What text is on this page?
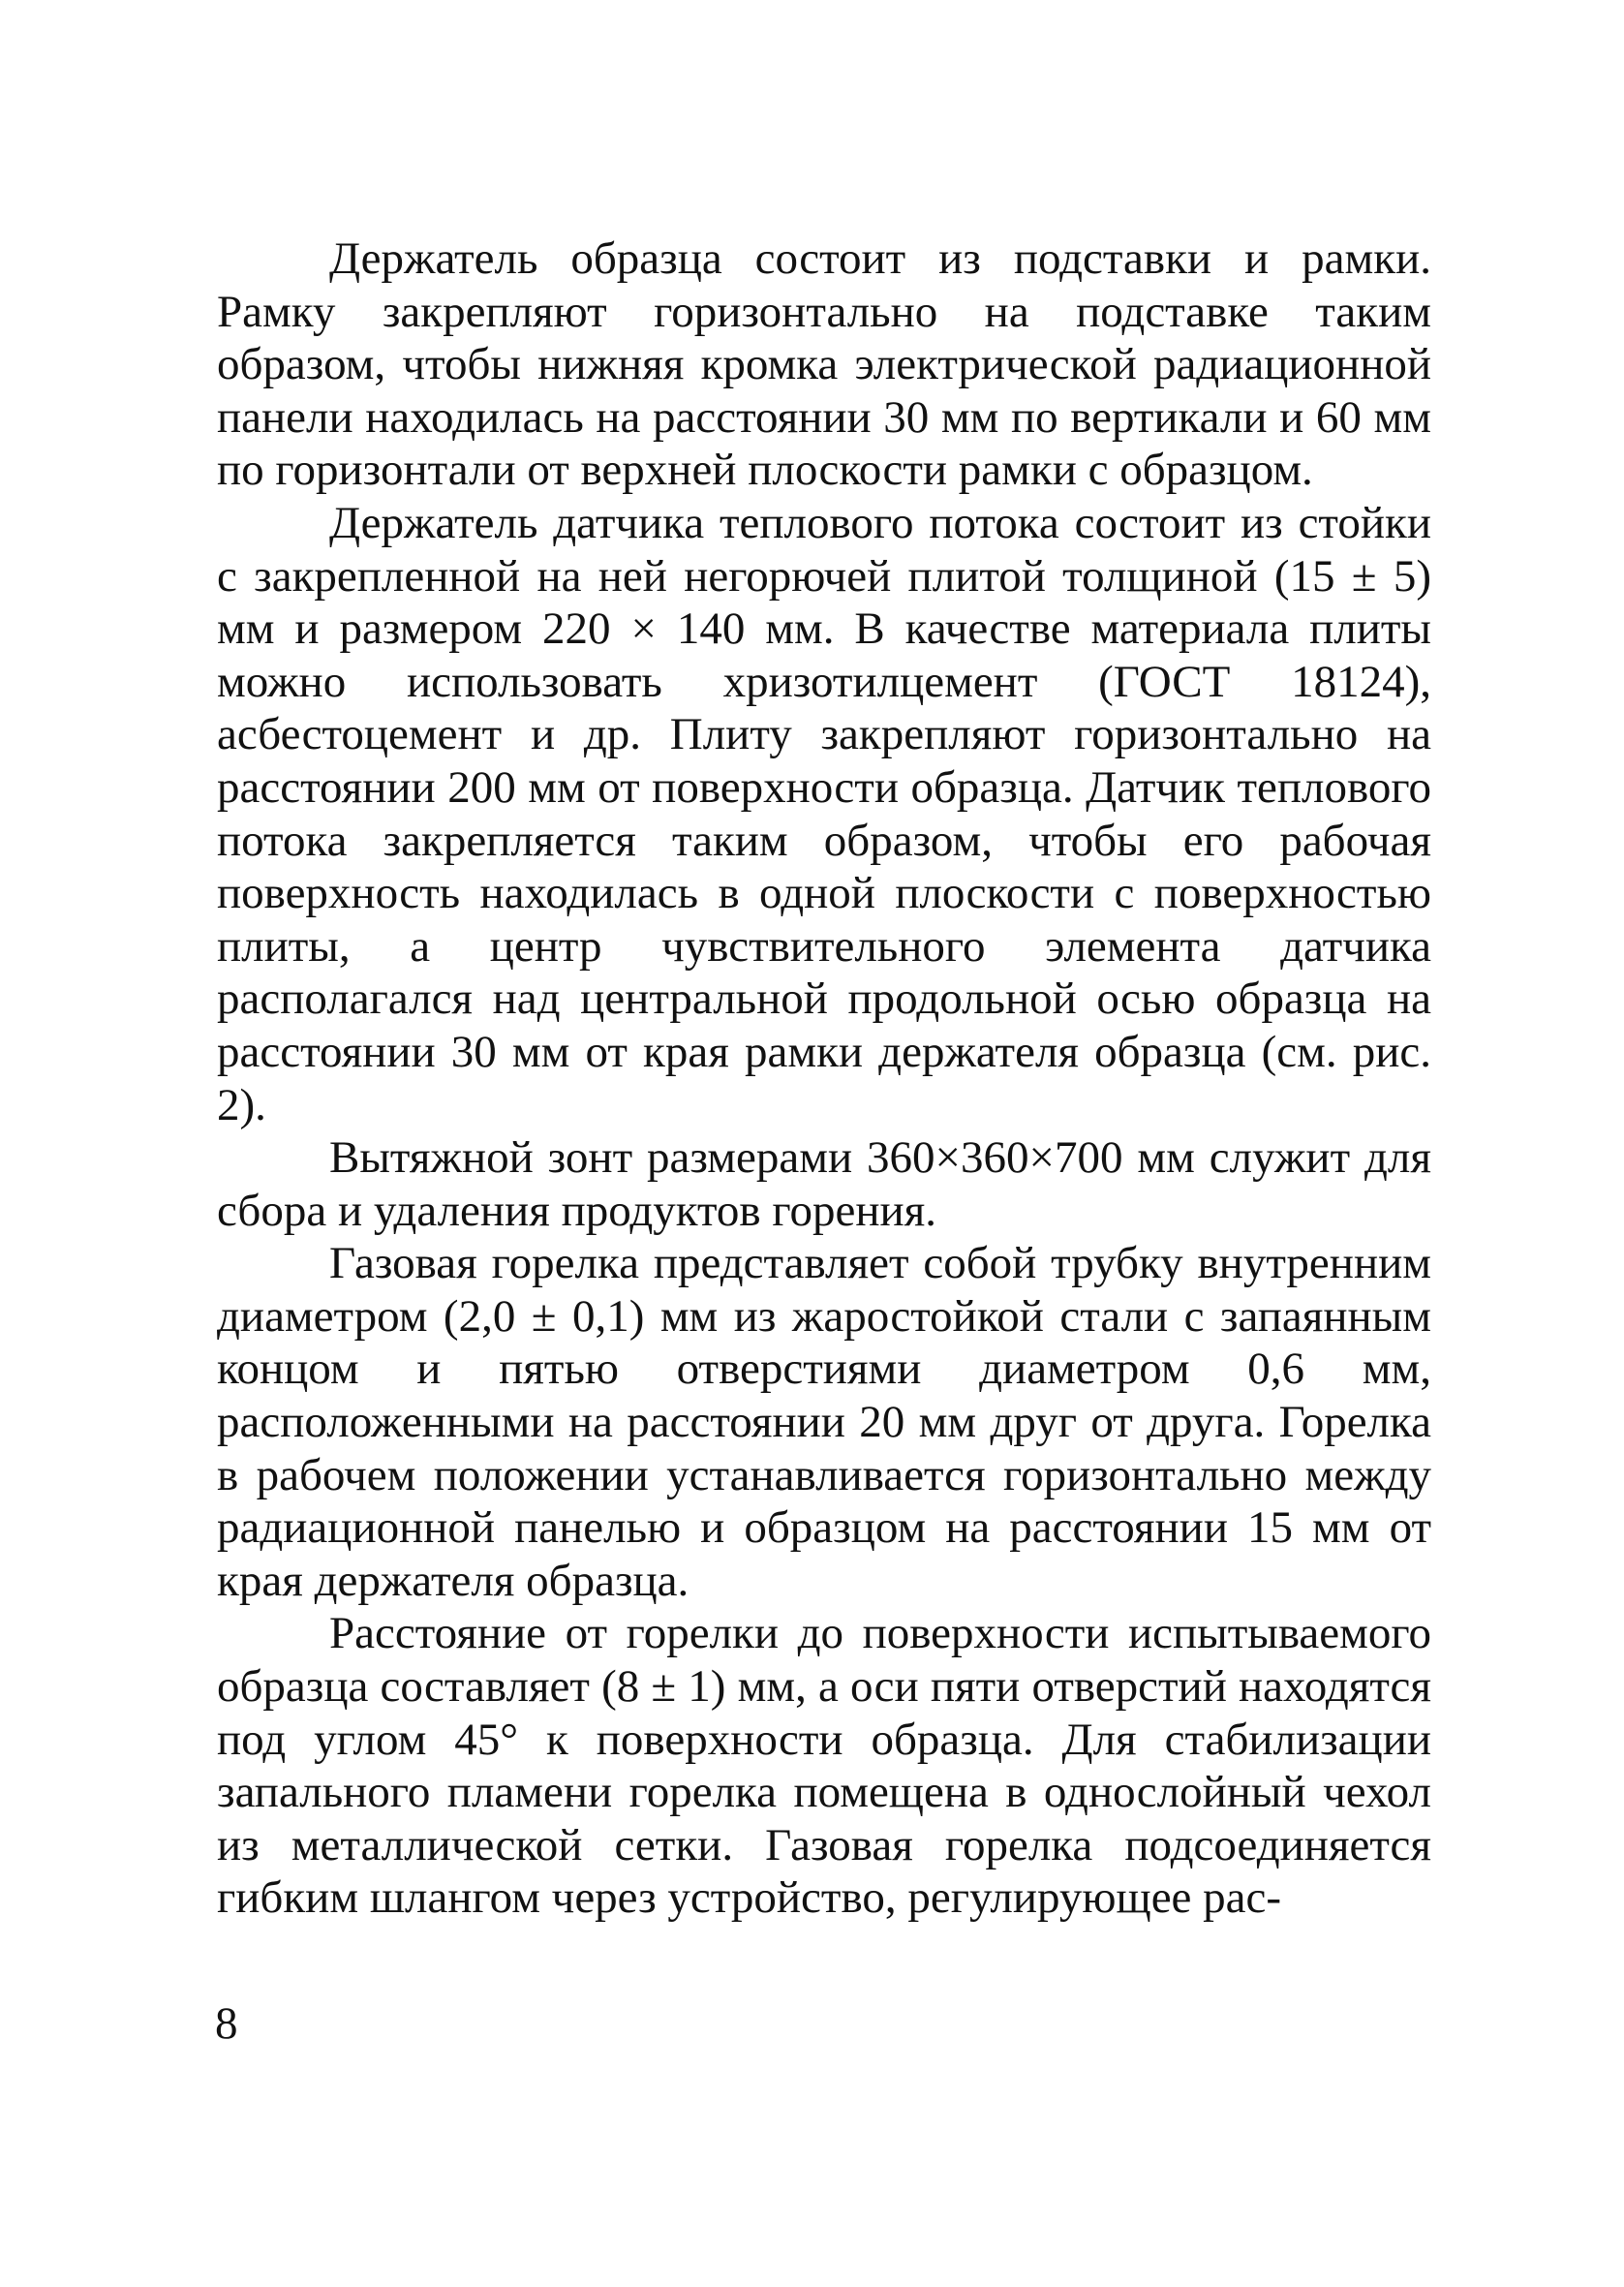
Держатель образца состоит из подставки и рамки. Рамку закрепляют горизонтально на подставке таким образом, чтобы нижняя кромка электрической радиационной панели находилась на расстоянии 30 мм по вертикали и 60 мм по горизонтали от верхней плоскости рамки с образцом.

Держатель датчика теплового потока состоит из стойки с закрепленной на ней негорючей плитой толщиной (15 ± 5) мм и размером 220 × 140 мм. В качестве материала плиты можно использовать хризотилцемент (ГОСТ 18124), асбестоцемент и др. Плиту закрепляют горизонтально на расстоянии 200 мм от поверхности образца. Датчик теплового потока закрепляется таким образом, чтобы его рабочая поверхность находилась в одной плоскости с поверхностью плиты, а центр чувствительного элемента датчика располагался над центральной продольной осью образца на расстоянии 30 мм от края рамки держателя образца (см. рис. 2).

Вытяжной зонт размерами 360×360×700 мм служит для сбора и удаления продуктов горения.

Газовая горелка представляет собой трубку внутренним диаметром (2,0 ± 0,1) мм из жаростойкой стали с запаянным концом и пятью отверстиями диаметром 0,6 мм, расположенными на расстоянии 20 мм друг от друга. Горелка в рабочем положении устанавливается горизонтально между радиационной панелью и образцом на расстоянии 15 мм от края держателя образца.

Расстояние от горелки до поверхности испытываемого образца составляет (8 ± 1) мм, а оси пяти отверстий находятся под углом 45° к поверхности образца. Для стабилизации запального пламени горелка помещена в однослойный чехол из металлической сетки. Газовая горелка подсоединяется гибким шлангом через устройство, регулирующее рас-

8
